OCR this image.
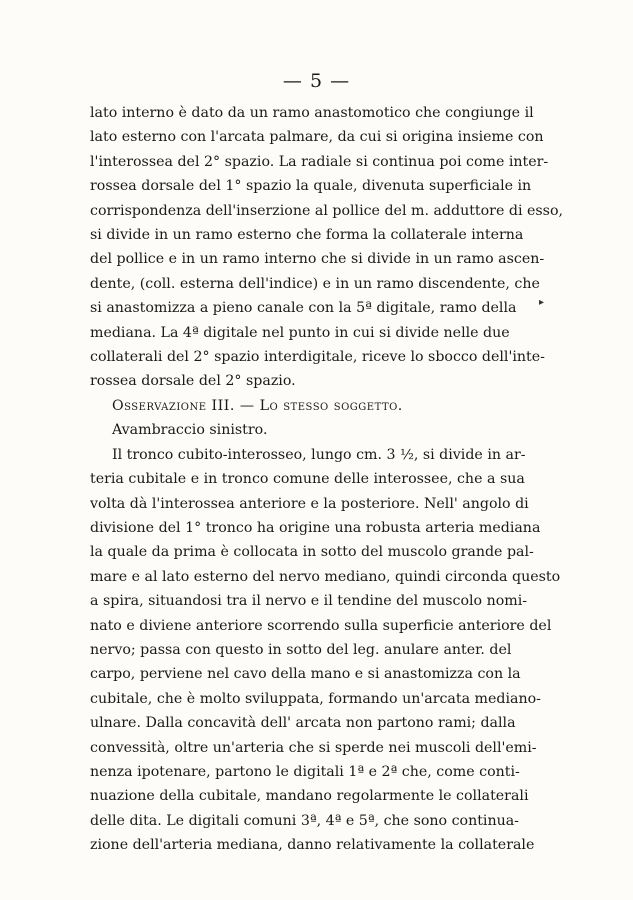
— 5 —
lato interno è dato da un ramo anastomotico che congiunge il
lato esterno con l'arcata palmare, da cui si origina insieme con
l'interossea del 2° spazio. La radiale si continua poi come inter-
rossea dorsale del 1° spazio la quale, divenuta superficiale in
corrispondenza dell'inserzione al pollice del m. adduttore di esso,
si divide in un ramo esterno che forma la collaterale interna
del pollice e in un ramo interno che si divide in un ramo ascen-
dente, (coll. esterna dell'indice) e in un ramo discendente, che
si anastomizza a pieno canale con la 5ª digitale, ramo della
mediana. La 4ª digitale nel punto in cui si divide nelle due
collaterali del 2° spazio interdigitale, riceve lo sbocco dell'inte-
rossea dorsale del 2° spazio.
Osservazione III. — Lo stesso soggetto.
Avambraccio sinistro.
Il tronco cubito-interosseo, lungo cm. 3 ½, si divide in ar-
teria cubitale e in tronco comune delle interossee, che a sua
volta dà l'interossea anteriore e la posteriore. Nell' angolo di
divisione del 1° tronco ha origine una robusta arteria mediana
la quale da prima è collocata in sotto del muscolo grande pal-
mare e al lato esterno del nervo mediano, quindi circonda questo
a spira, situandosi tra il nervo e il tendine del muscolo nomi-
nato e diviene anteriore scorrendo sulla superficie anteriore del
nervo; passa con questo in sotto del leg. anulare anter. del
carpo, perviene nel cavo della mano e si anastomizza con la
cubitale, che è molto sviluppata, formando un'arcata mediano-
ulnare. Dalla concavità dell' arcata non partono rami; dalla
convessità, oltre un'arteria che si sperde nei muscoli dell'emi-
nenza ipotenare, partono le digitali 1ª e 2ª che, come conti-
nuazione della cubitale, mandano regolarmente le collaterali
delle dita. Le digitali comuni 3ª, 4ª e 5ª, che sono continua-
zione dell'arteria mediana, danno relativamente la collaterale
▸
